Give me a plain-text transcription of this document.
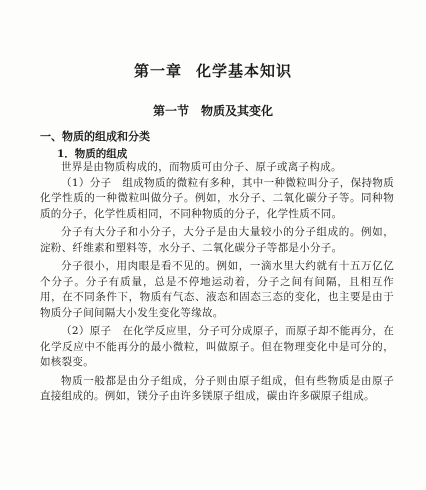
第一章 化学基本知识
第一节 物质及其变化
一、物质的组成和分类
1．物质的组成

世界是由物质构成的，而物质可由分子、原子或离子构成。

（1）分子　组成物质的微粒有多种，其中一种微粒叫分子，保持物质化学性质的一种微粒叫做分子。例如，水分子、二氧化碳分子等。同种物质的分子，化学性质相同，不同种物质的分子，化学性质不同。

分子有大分子和小分子，大分子是由大量较小的分子组成的。例如，淀粉、纤维素和塑料等，水分子、二氧化碳分子等都是小分子。

分子很小，用肉眼是看不见的。例如，一滴水里大约就有十五万亿亿个分子。分子有质量，总是不停地运动着，分子之间有间隔，且相互作用，在不同条件下，物质有气态、液态和固态三态的变化，也主要是由于物质分子间间隔大小发生变化等缘故。

（2）原子　在化学反应里，分子可分成原子，而原子却不能再分，在化学反应中不能再分的最小微粒，叫做原子。但在物理变化中是可分的，如核裂变。

物质一般都是由分子组成，分子则由原子组成，但有些物质是由原子直接组成的。例如，镁分子由许多镁原子组成，碳由许多碳原子组成。
